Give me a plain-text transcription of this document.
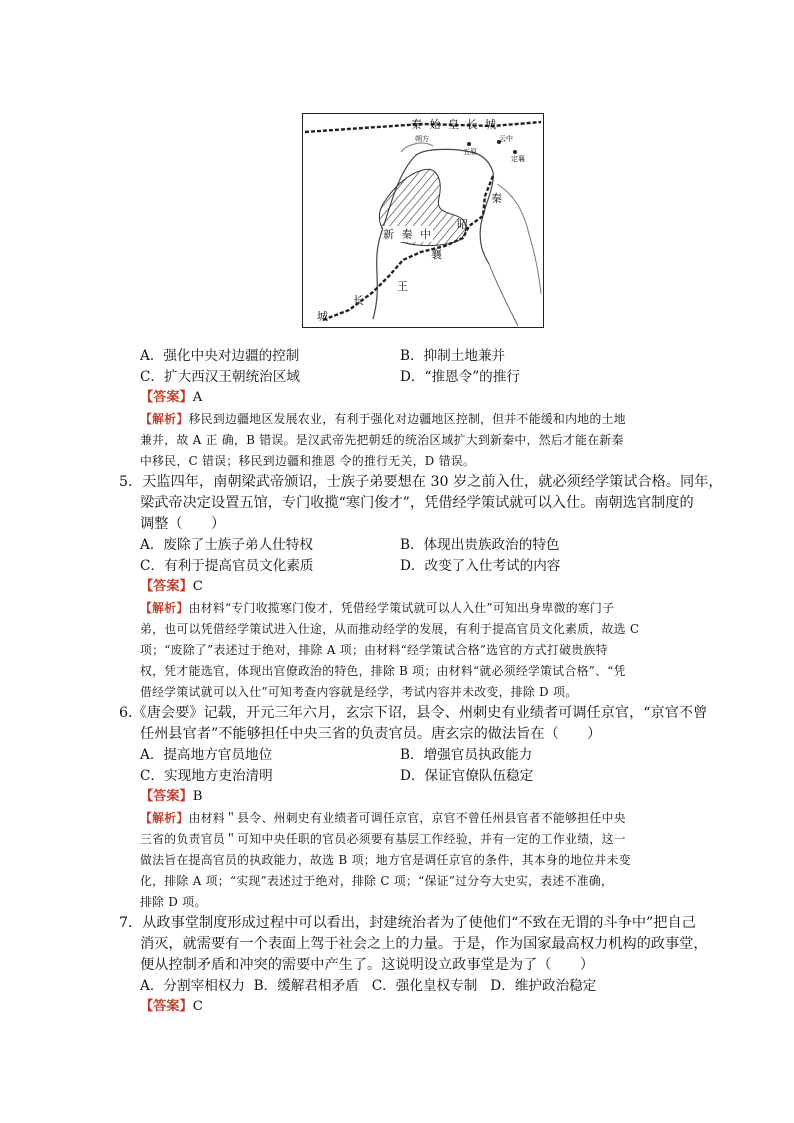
秦 始 皇 长 城
朔方
五原
云中
定襄
新 秦 中
秦
昭
襄
王
长
城
A．强化中央对边疆的控制	B．抑制土地兼并
C．扩大西汉王朝统治区域	D．“推恩令”的推行
【答案】A
【解析】移民到边疆地区发展农业，有利于强化对边疆地区控制，但并不能缓和内地的土地
兼并，故 A 正 确，B 错误。是汉武帝先把朝廷的统治区域扩大到新秦中，然后才能在新秦
中移民，C 错误；移民到边疆和推恩 令的推行无关，D 错误。
5．天监四年，南朝梁武帝颁诏，士族子弟要想在 30 岁之前入仕，就必须经学策试合格。同年，
梁武帝决定设置五馆，专门收揽“寒门俊才”，凭借经学策试就可以入仕。南朝选官制度的
调整（　　）
A．废除了士族子弟人仕特权	B．体现出贵族政治的特色
C．有利于提高官员文化素质	D．改变了入仕考试的内容
【答案】C
【解析】由材料“专门收揽寒门俊才，凭借经学策试就可以人入仕”可知出身卑微的寒门子
弟，也可以凭借经学策试进入仕途，从而推动经学的发展，有利于提高官员文化素质，故选 C
项；“废除了”表述过于绝对，排除 A 项；由材料“经学策试合格”选官的方式打破贵族特
权，凭才能选官，体现出官僚政治的特色，排除 B 项；由材料“就必须经学策试合格”、“凭
借经学策试就可以入仕”可知考查内容就是经学，考试内容并未改变，排除 D 项。
6.《唐会要》记载，开元三年六月，玄宗下诏，县令、州刺史有业绩者可调任京官，“京官不曾
任州县官者”不能够担任中央三省的负责官员。唐玄宗的做法旨在（　　）
A．提高地方官员地位	B．增强官员执政能力
C．实现地方吏治清明	D．保证官僚队伍稳定
【答案】B
【解析】由材料＂县令、州刺史有业绩者可调任京官，京官不曾任州县官者不能够担任中央
三省的负责官员＂可知中央任职的官员必须要有基层工作经验，并有一定的工作业绩，这一
做法旨在提高官员的执政能力，故选 B 项；地方官是调任京官的条件，其本身的地位并未变
化，排除 A 项；“实现”表述过于绝对，排除 C 项；“保证”过分夸大史实，表述不准确，
排除 D 项。
7．从政事堂制度形成过程中可以看出，封建统治者为了使他们“不致在无谓的斗争中”把自己
消灭，就需要有一个表面上驾于社会之上的力量。于是，作为国家最高权力机构的政事堂，
便从控制矛盾和冲突的需要中产生了。这说明设立政事堂是为了（　　）
A．分割宰相权力 B．缓解君相矛盾 C．强化皇权专制 D．维护政治稳定
【答案】C
